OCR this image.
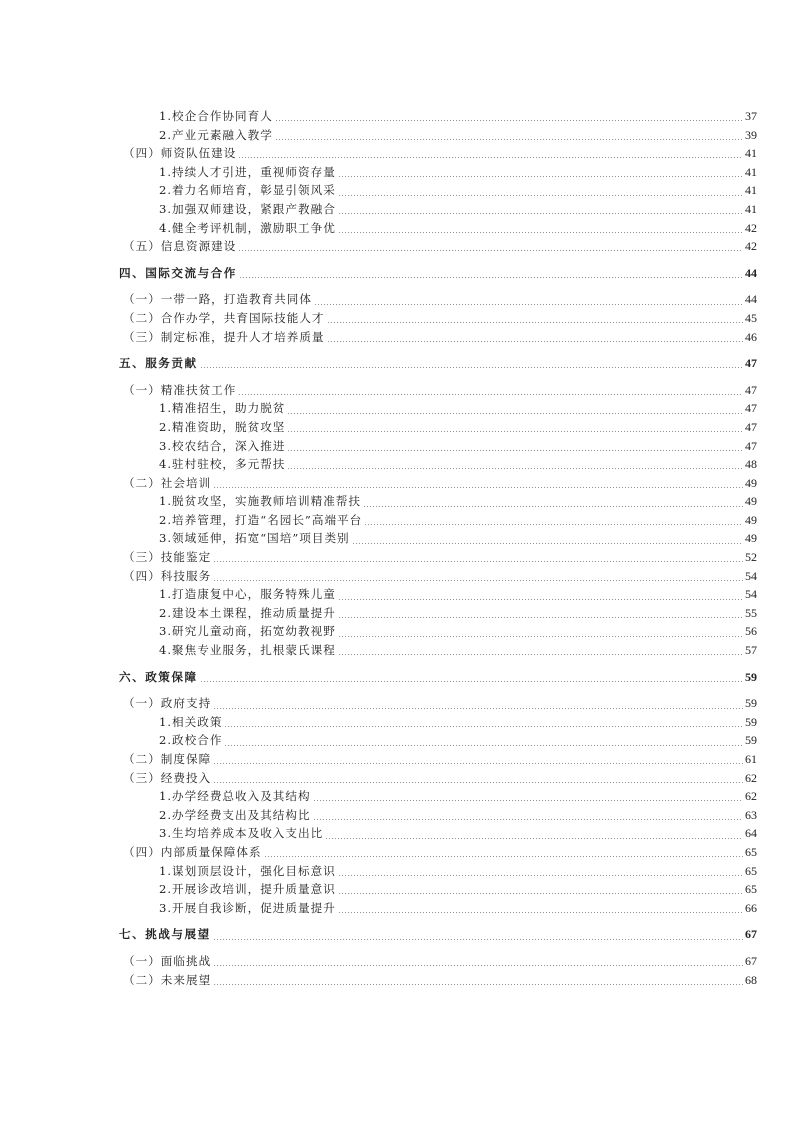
1.校企合作协同育人	37
2.产业元素融入教学	39
（四）师资队伍建设	41
1.持续人才引进，重视师资存量	41
2.着力名师培育，彰显引领风采	41
3.加强双师建设，紧跟产教融合	41
4.健全考评机制，激励职工争优	42
（五）信息资源建设	42
四、国际交流与合作	44
（一）一带一路，打造教育共同体	44
（二）合作办学，共育国际技能人才	45
（三）制定标准，提升人才培养质量	46
五、服务贡献	47
（一）精准扶贫工作	47
1.精准招生，助力脱贫	47
2.精准资助，脱贫攻坚	47
3.校农结合，深入推进	47
4.驻村驻校，多元帮扶	48
（二）社会培训	49
1.脱贫攻坚，实施教师培训精准帮扶	49
2.培养管理，打造“名园长”高端平台	49
3.领域延伸，拓宽“国培”项目类别	49
（三）技能鉴定	52
（四）科技服务	54
1.打造康复中心，服务特殊儿童	54
2.建设本土课程，推动质量提升	55
3.研究儿童动商，拓宽幼教视野	56
4.聚焦专业服务，扎根蒙氏课程	57
六、政策保障	59
（一）政府支持	59
1.相关政策	59
2.政校合作	59
（二）制度保障	61
（三）经费投入	62
1.办学经费总收入及其结构	62
2.办学经费支出及其结构比	63
3.生均培养成本及收入支出比	64
（四）内部质量保障体系	65
1.谋划顶层设计，强化目标意识	65
2.开展诊改培训，提升质量意识	65
3.开展自我诊断，促进质量提升	66
七、挑战与展望	67
（一）面临挑战	67
（二）未来展望	68
